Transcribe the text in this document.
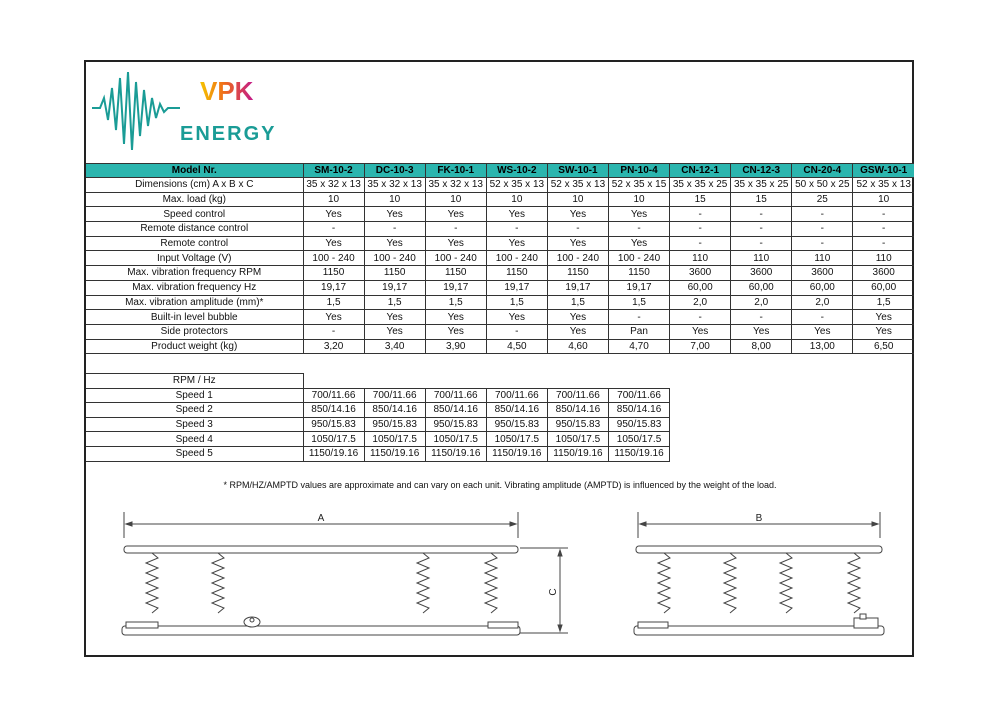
VPK
ENERGY
Model Nr.	SM-10-2	DC-10-3	FK-10-1	WS-10-2	SW-10-1	PN-10-4	CN-12-1	CN-12-3	CN-20-4	GSW-10-1
Dimensions (cm) A x B x C	35 x 32 x 13	35 x 32 x 13	35 x 32 x 13	52 x 35 x 13	52 x 35 x 13	52 x 35 x 15	35 x 35 x 25	35 x 35 x 25	50 x 50 x 25	52 x 35 x 13
Max. load (kg)	10	10	10	10	10	10	15	15	25	10
Speed control	Yes	Yes	Yes	Yes	Yes	Yes	-	-	-	-
Remote distance control	-	-	-	-	-	-	-	-	-	-
Remote control	Yes	Yes	Yes	Yes	Yes	Yes	-	-	-	-
Input Voltage (V)	100 - 240	100 - 240	100 - 240	100 - 240	100 - 240	100 - 240	110	110	110	110
Max. vibration frequency RPM	1150	1150	1150	1150	1150	1150	3600	3600	3600	3600
Max. vibration frequency Hz	19,17	19,17	19,17	19,17	19,17	19,17	60,00	60,00	60,00	60,00
Max. vibration amplitude (mm)*	1,5	1,5	1,5	1,5	1,5	1,5	2,0	2,0	2,0	1,5
Built-in level bubble	Yes	Yes	Yes	Yes	Yes	-	-	-	-	Yes
Side protectors	-	Yes	Yes	-	Yes	Pan	Yes	Yes	Yes	Yes
Product weight (kg)	3,20	3,40	3,90	4,50	4,60	4,70	7,00	8,00	13,00	6,50
RPM / Hz						
Speed 1	700/11.66	700/11.66	700/11.66	700/11.66	700/11.66	700/11.66
Speed 2	850/14.16	850/14.16	850/14.16	850/14.16	850/14.16	850/14.16
Speed 3	950/15.83	950/15.83	950/15.83	950/15.83	950/15.83	950/15.83
Speed 4	1050/17.5	1050/17.5	1050/17.5	1050/17.5	1050/17.5	1050/17.5
Speed 5	1150/19.16	1150/19.16	1150/19.16	1150/19.16	1150/19.16	1150/19.16
* RPM/HZ/AMPTD values are approximate and can vary on each unit. Vibrating amplitude (AMPTD) is influenced by the weight of the load.
A	B
C
